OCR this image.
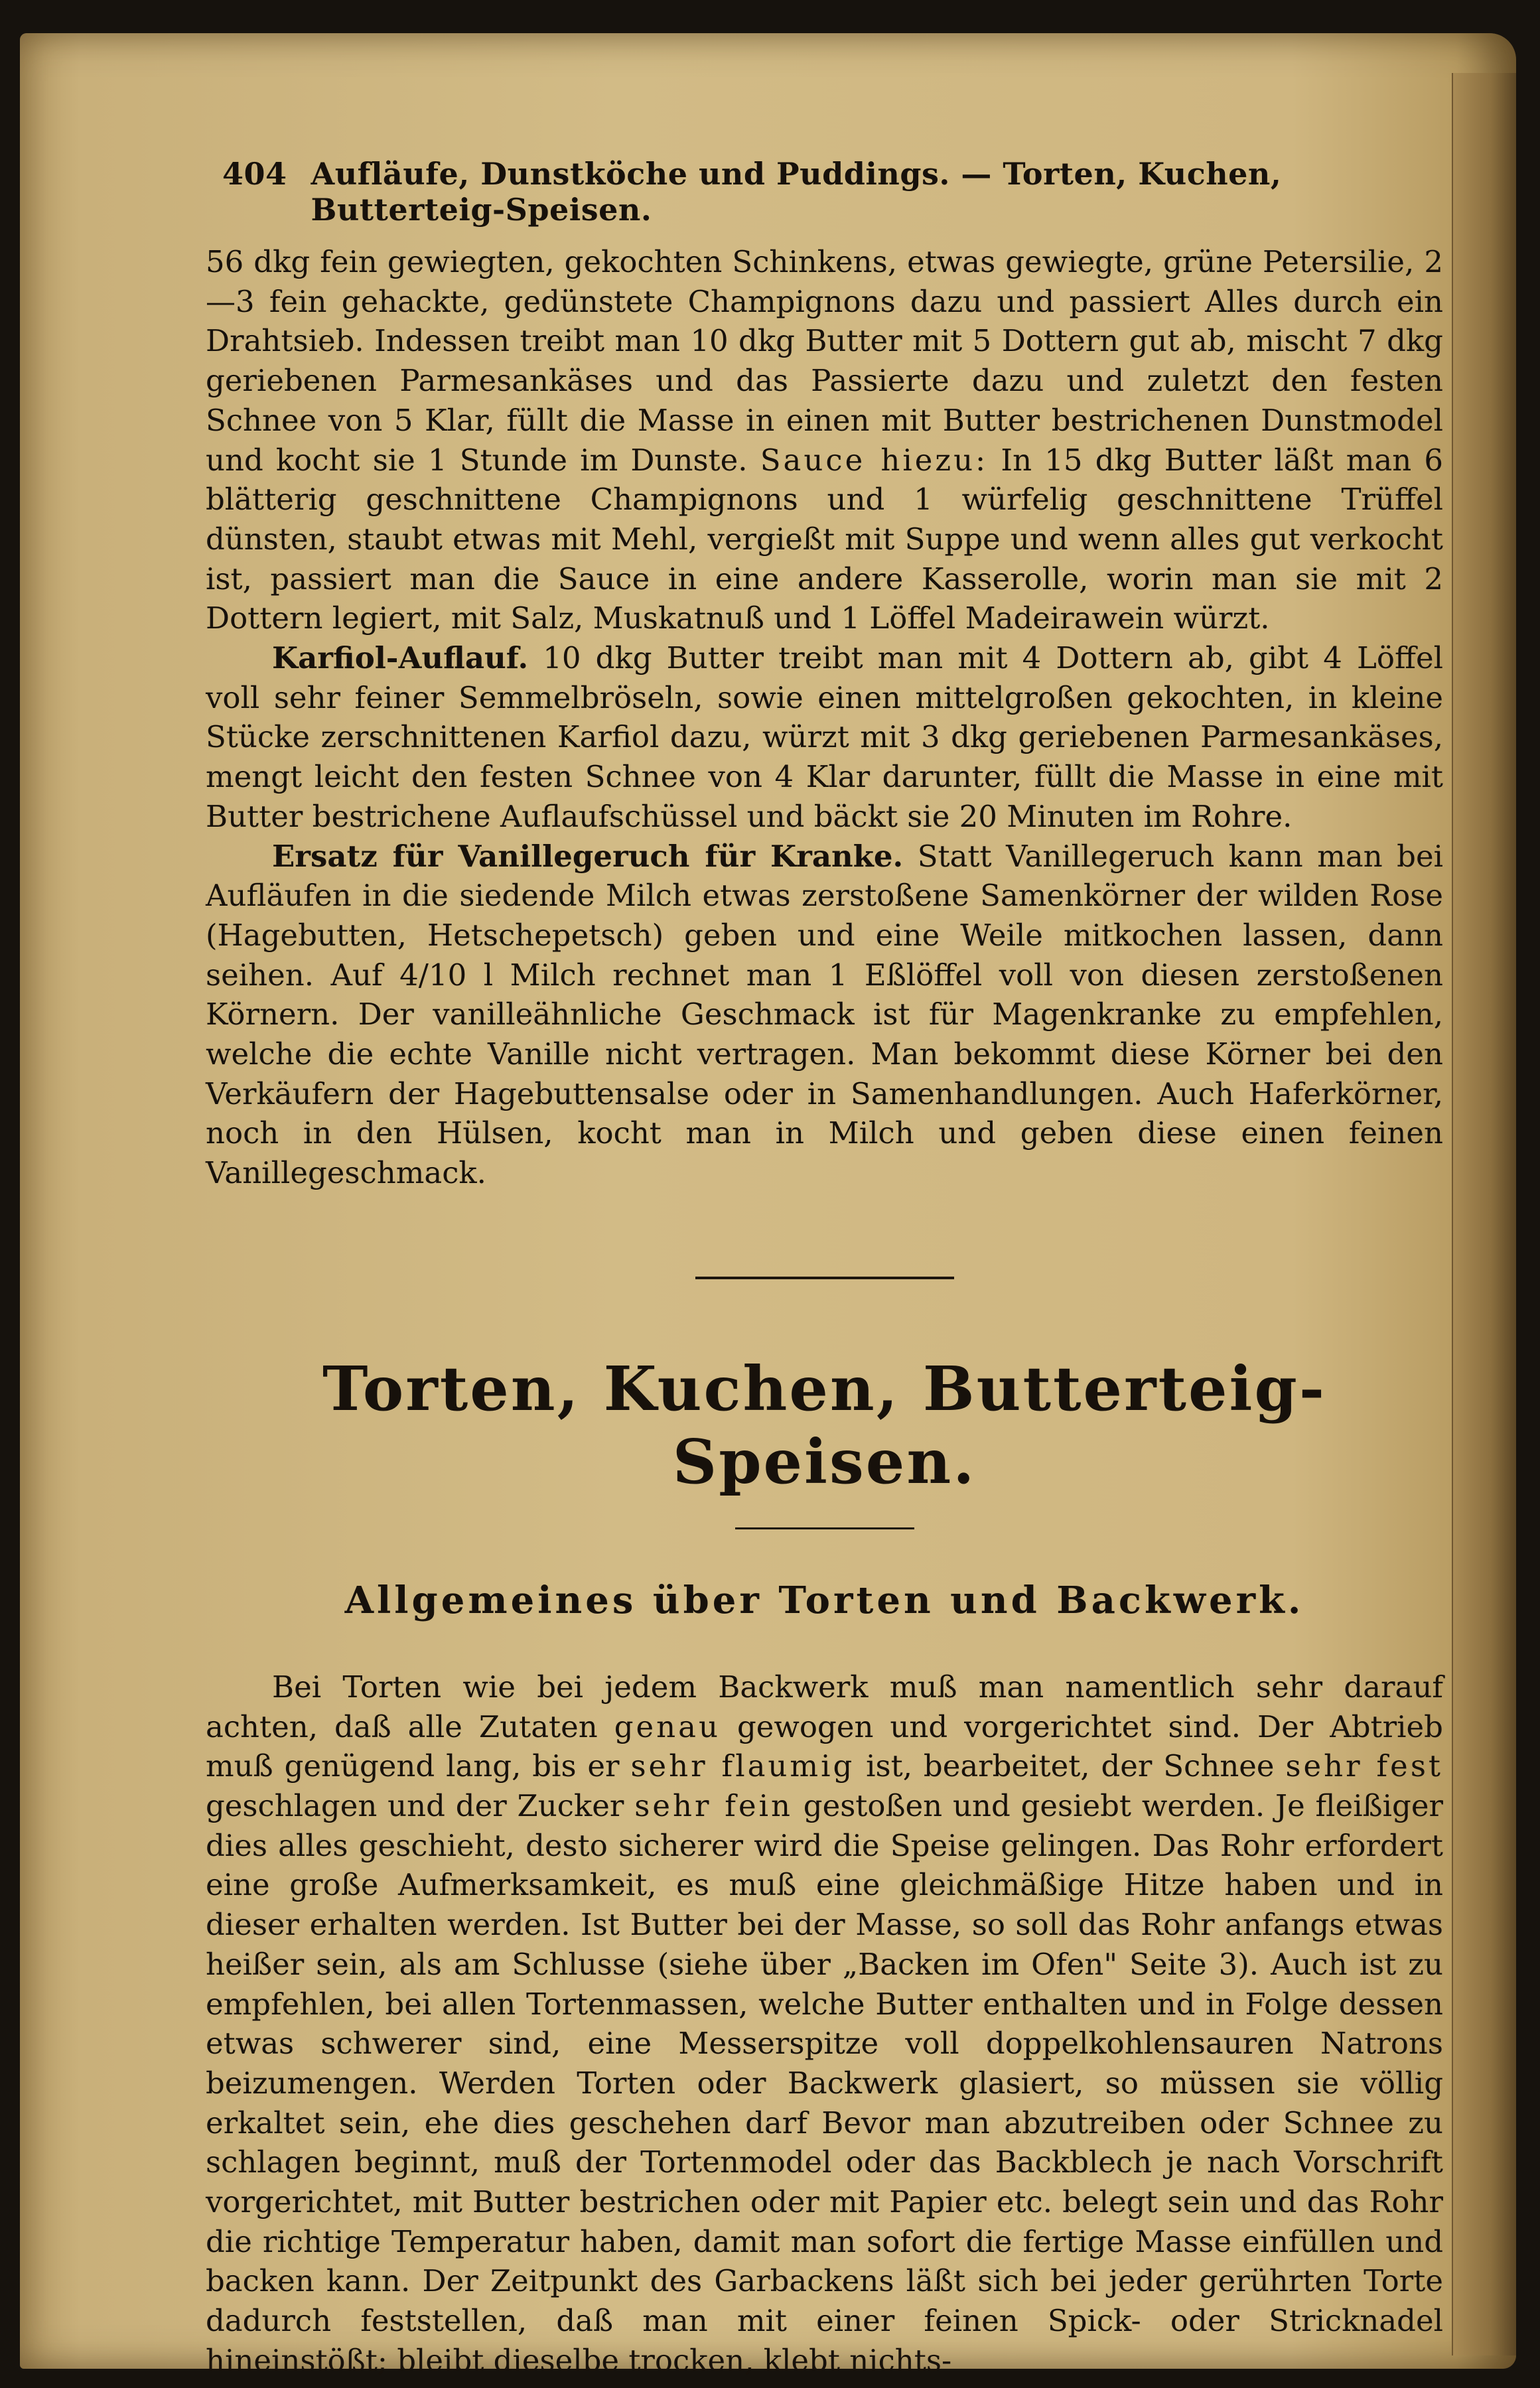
404 Aufläufe, Dunstköche und Puddings. — Torten, Kuchen, Butterteig-Speisen.

56 dkg fein gewiegten, gekochten Schinkens, etwas gewiegte, grüne Petersilie, 2—3 fein gehackte, gedünstete Champignons dazu und passiert Alles durch ein Drahtsieb. Indessen treibt man 10 dkg Butter mit 5 Dottern gut ab, mischt 7 dkg geriebenen Parmesankäses und das Passierte dazu und zuletzt den festen Schnee von 5 Klar, füllt die Masse in einen mit Butter bestrichenen Dunstmodel und kocht sie 1 Stunde im Dunste. Sauce hiezu: In 15 dkg Butter läßt man 6 blätterig geschnittene Champignons und 1 würfelig geschnittene Trüffel dünsten, staubt etwas mit Mehl, vergießt mit Suppe und wenn alles gut verkocht ist, passiert man die Sauce in eine andere Kasserolle, worin man sie mit 2 Dottern legiert, mit Salz, Muskatnuß und 1 Löffel Madeirawein würzt.

Karfiol-Auflauf. 10 dkg Butter treibt man mit 4 Dottern ab, gibt 4 Löffel voll sehr feiner Semmelbröseln, sowie einen mittelgroßen gekochten, in kleine Stücke zerschnittenen Karfiol dazu, würzt mit 3 dkg geriebenen Parmesankäses, mengt leicht den festen Schnee von 4 Klar darunter, füllt die Masse in eine mit Butter bestrichene Auflaufschüssel und bäckt sie 20 Minuten im Rohre.

Ersatz für Vanillegeruch für Kranke. Statt Vanillegeruch kann man bei Aufläufen in die siedende Milch etwas zerstoßene Samenkörner der wilden Rose (Hagebutten, Hetschepetsch) geben und eine Weile mitkochen lassen, dann seihen. Auf 4/10 l Milch rechnet man 1 Eßlöffel voll von diesen zerstoßenen Körnern. Der vanilleähnliche Geschmack ist für Magenkranke zu empfehlen, welche die echte Vanille nicht vertragen. Man bekommt diese Körner bei den Verkäufern der Hagebuttensalse oder in Samenhandlungen. Auch Haferkörner, noch in den Hülsen, kocht man in Milch und geben diese einen feinen Vanillegeschmack.

Torten, Kuchen, Butterteig-Speisen.
Allgemeines über Torten und Backwerk.

Bei Torten wie bei jedem Backwerk muß man namentlich sehr darauf achten, daß alle Zutaten genau gewogen und vorgerichtet sind. Der Abtrieb muß genügend lang, bis er sehr flaumig ist, bearbeitet, der Schnee sehr fest geschlagen und der Zucker sehr fein gestoßen und gesiebt werden. Je fleißiger dies alles geschieht, desto sicherer wird die Speise gelingen. Das Rohr erfordert eine große Aufmerksamkeit, es muß eine gleichmäßige Hitze haben und in dieser erhalten werden. Ist Butter bei der Masse, so soll das Rohr anfangs etwas heißer sein, als am Schlusse (siehe über „Backen im Ofen" Seite 3). Auch ist zu empfehlen, bei allen Tortenmassen, welche Butter enthalten und in Folge dessen etwas schwerer sind, eine Messerspitze voll doppelkohlensauren Natrons beizumengen. Werden Torten oder Backwerk glasiert, so müssen sie völlig erkaltet sein, ehe dies geschehen darf Bevor man abzutreiben oder Schnee zu schlagen beginnt, muß der Tortenmodel oder das Backblech je nach Vorschrift vorgerichtet, mit Butter bestrichen oder mit Papier etc. belegt sein und das Rohr die richtige Temperatur haben, damit man sofort die fertige Masse einfüllen und backen kann. Der Zeitpunkt des Garbackens läßt sich bei jeder gerührten Torte dadurch feststellen, daß man mit einer feinen Spick- oder Stricknadel hineinstößt; bleibt dieselbe trocken, klebt nichts-
